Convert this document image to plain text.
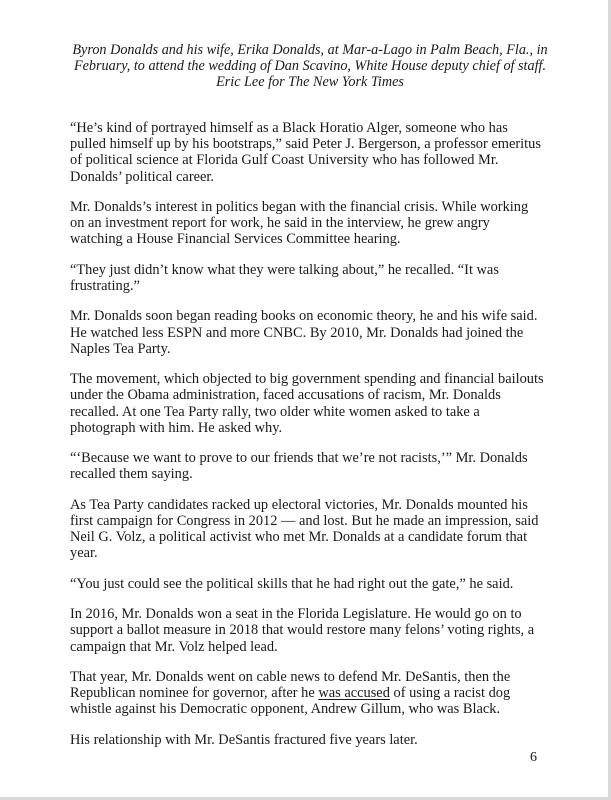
Byron Donalds and his wife, Erika Donalds, at Mar-a-Lago in Palm Beach, Fla., in February, to attend the wedding of Dan Scavino, White House deputy chief of staff.
Eric Lee for The New York Times

“He’s kind of portrayed himself as a Black Horatio Alger, someone who has pulled himself up by his bootstraps,” said Peter J. Bergerson, a professor emeritus of political science at Florida Gulf Coast University who has followed Mr. Donalds’ political career.

Mr. Donalds’s interest in politics began with the financial crisis. While working on an investment report for work, he said in the interview, he grew angry watching a House Financial Services Committee hearing.

“They just didn’t know what they were talking about,” he recalled. “It was frustrating.”

Mr. Donalds soon began reading books on economic theory, he and his wife said. He watched less ESPN and more CNBC. By 2010, Mr. Donalds had joined the Naples Tea Party.

The movement, which objected to big government spending and financial bailouts under the Obama administration, faced accusations of racism, Mr. Donalds recalled. At one Tea Party rally, two older white women asked to take a photograph with him. He asked why.

“‘Because we want to prove to our friends that we’re not racists,’” Mr. Donalds recalled them saying.

As Tea Party candidates racked up electoral victories, Mr. Donalds mounted his first campaign for Congress in 2012 — and lost. But he made an impression, said Neil G. Volz, a political activist who met Mr. Donalds at a candidate forum that year.

“You just could see the political skills that he had right out the gate,” he said.

In 2016, Mr. Donalds won a seat in the Florida Legislature. He would go on to support a ballot measure in 2018 that would restore many felons’ voting rights, a campaign that Mr. Volz helped lead.

That year, Mr. Donalds went on cable news to defend Mr. DeSantis, then the Republican nominee for governor, after he was accused of using a racist dog whistle against his Democratic opponent, Andrew Gillum, who was Black.

His relationship with Mr. DeSantis fractured five years later.

6
